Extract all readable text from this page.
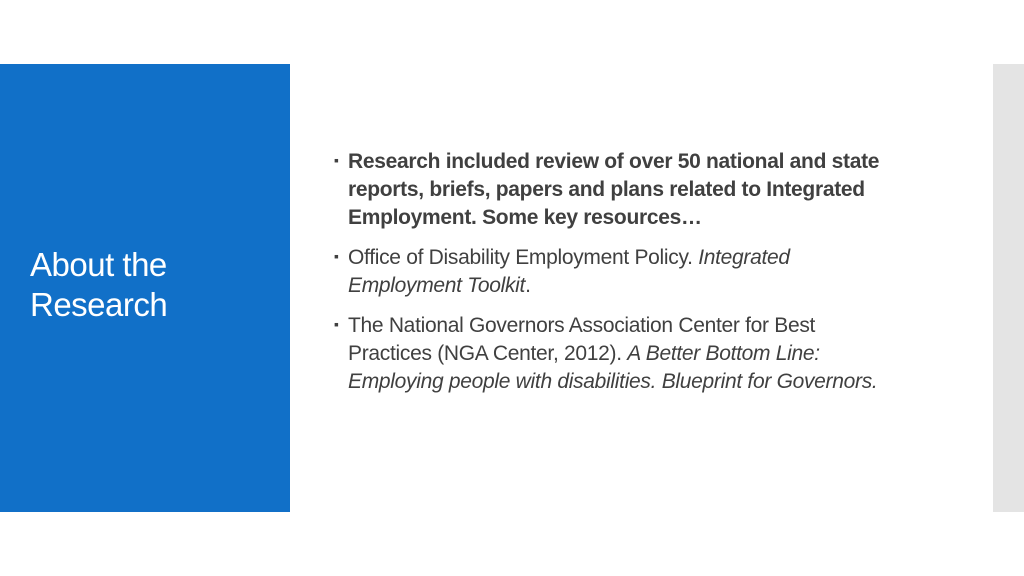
About the Research
▪ Research included review of over 50 national and state reports, briefs, papers and plans related to Integrated Employment. Some key resources…
▪ Office of Disability Employment Policy. Integrated Employment Toolkit.
▪ The National Governors Association Center for Best Practices (NGA Center, 2012). A Better Bottom Line: Employing people with disabilities. Blueprint for Governors.
